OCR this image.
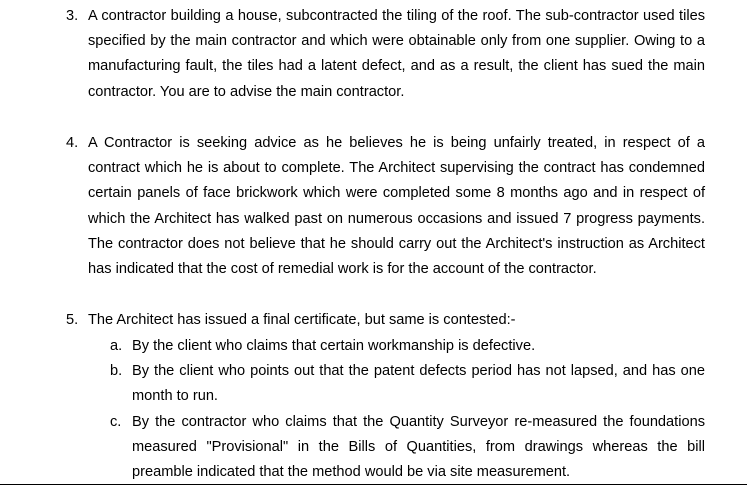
3. A contractor building a house, subcontracted the tiling of the roof. The sub-contractor used tiles specified by the main contractor and which were obtainable only from one supplier. Owing to a manufacturing fault, the tiles had a latent defect, and as a result, the client has sued the main contractor. You are to advise the main contractor.
4. A Contractor is seeking advice as he believes he is being unfairly treated, in respect of a contract which he is about to complete. The Architect supervising the contract has condemned certain panels of face brickwork which were completed some 8 months ago and in respect of which the Architect has walked past on numerous occasions and issued 7 progress payments. The contractor does not believe that he should carry out the Architect's instruction as Architect has indicated that the cost of remedial work is for the account of the contractor.
5. The Architect has issued a final certificate, but same is contested:-
a. By the client who claims that certain workmanship is defective.
b. By the client who points out that the patent defects period has not lapsed, and has one month to run.
c. By the contractor who claims that the Quantity Surveyor re-measured the foundations measured "Provisional" in the Bills of Quantities, from drawings whereas the bill preamble indicated that the method would be via site measurement.
